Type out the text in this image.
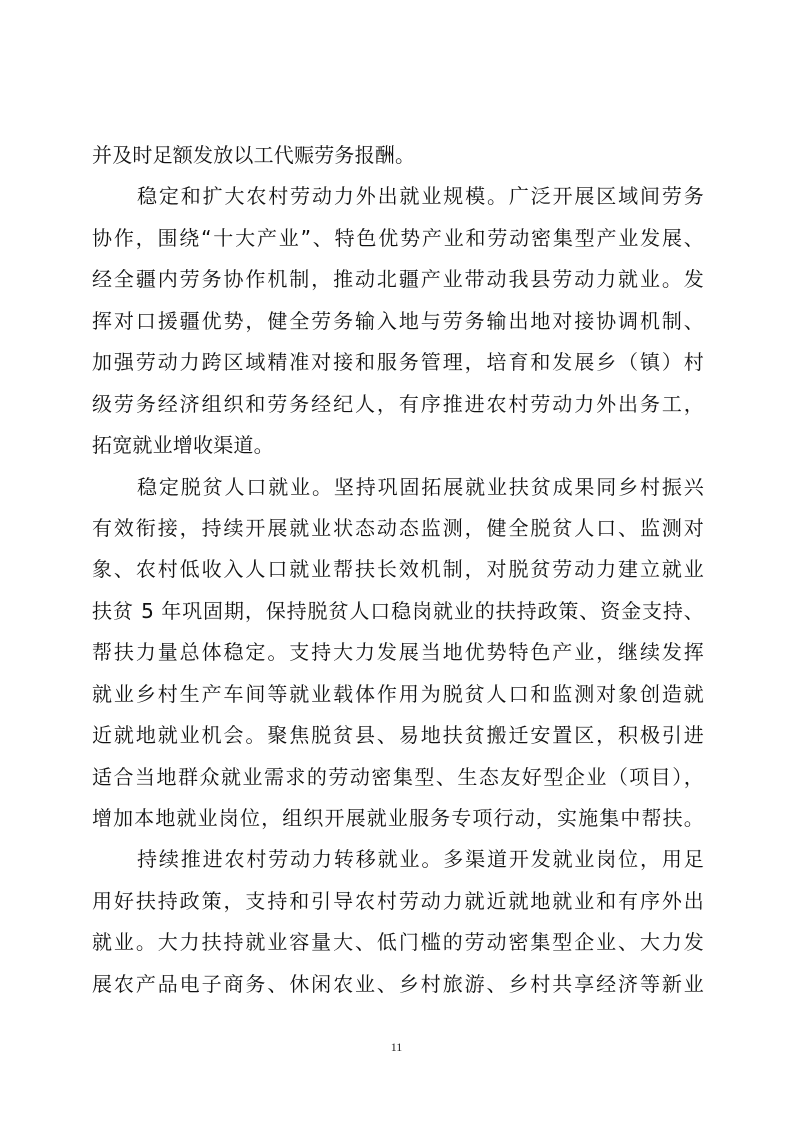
并及时足额发放以工代赈劳务报酬。
稳定和扩大农村劳动力外出就业规模。广泛开展区域间劳务
协作，围绕“十大产业”、特色优势产业和劳动密集型产业发展、
经全疆内劳务协作机制，推动北疆产业带动我县劳动力就业。发
挥对口援疆优势，健全劳务输入地与劳务输出地对接协调机制、
加强劳动力跨区域精准对接和服务管理，培育和发展乡（镇）村
级劳务经济组织和劳务经纪人，有序推进农村劳动力外出务工，
拓宽就业增收渠道。
稳定脱贫人口就业。坚持巩固拓展就业扶贫成果同乡村振兴
有效衔接，持续开展就业状态动态监测，健全脱贫人口、监测对
象、农村低收入人口就业帮扶长效机制，对脱贫劳动力建立就业
扶贫 5 年巩固期，保持脱贫人口稳岗就业的扶持政策、资金支持、
帮扶力量总体稳定。支持大力发展当地优势特色产业，继续发挥
就业乡村生产车间等就业载体作用为脱贫人口和监测对象创造就
近就地就业机会。聚焦脱贫县、易地扶贫搬迁安置区，积极引进
适合当地群众就业需求的劳动密集型、生态友好型企业（项目），
增加本地就业岗位，组织开展就业服务专项行动，实施集中帮扶。
持续推进农村劳动力转移就业。多渠道开发就业岗位，用足
用好扶持政策，支持和引导农村劳动力就近就地就业和有序外出
就业。大力扶持就业容量大、低门槛的劳动密集型企业、大力发
展农产品电子商务、休闲农业、乡村旅游、乡村共享经济等新业
11
